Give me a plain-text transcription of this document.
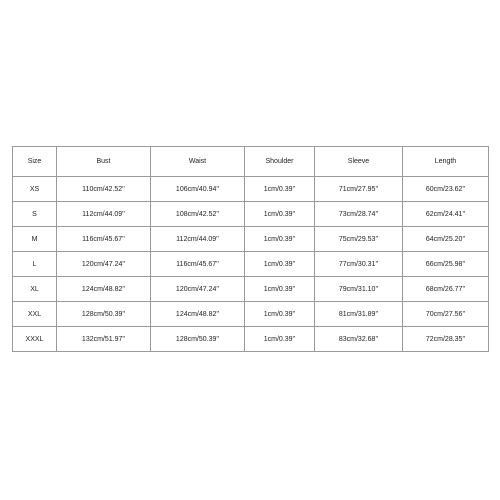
Size	Bust	Waist	Shoulder	Sleeve	Length
XS	110cm/42.52''	106cm/40.94''	1cm/0.39''	71cm/27.95''	60cm/23.62''
S	112cm/44.09''	108cm/42.52''	1cm/0.39''	73cm/28.74''	62cm/24.41''
M	116cm/45.67''	112cm/44.09''	1cm/0.39''	75cm/29.53''	64cm/25.20''
L	120cm/47.24''	116cm/45.67''	1cm/0.39''	77cm/30.31''	66cm/25.98''
XL	124cm/48.82''	120cm/47.24''	1cm/0.39''	79cm/31.10''	68cm/26.77''
XXL	128cm/50.39''	124cm/48.82''	1cm/0.39''	81cm/31.89''	70cm/27.56''
XXXL	132cm/51.97''	128cm/50.39''	1cm/0.39''	83cm/32.68''	72cm/28.35''
